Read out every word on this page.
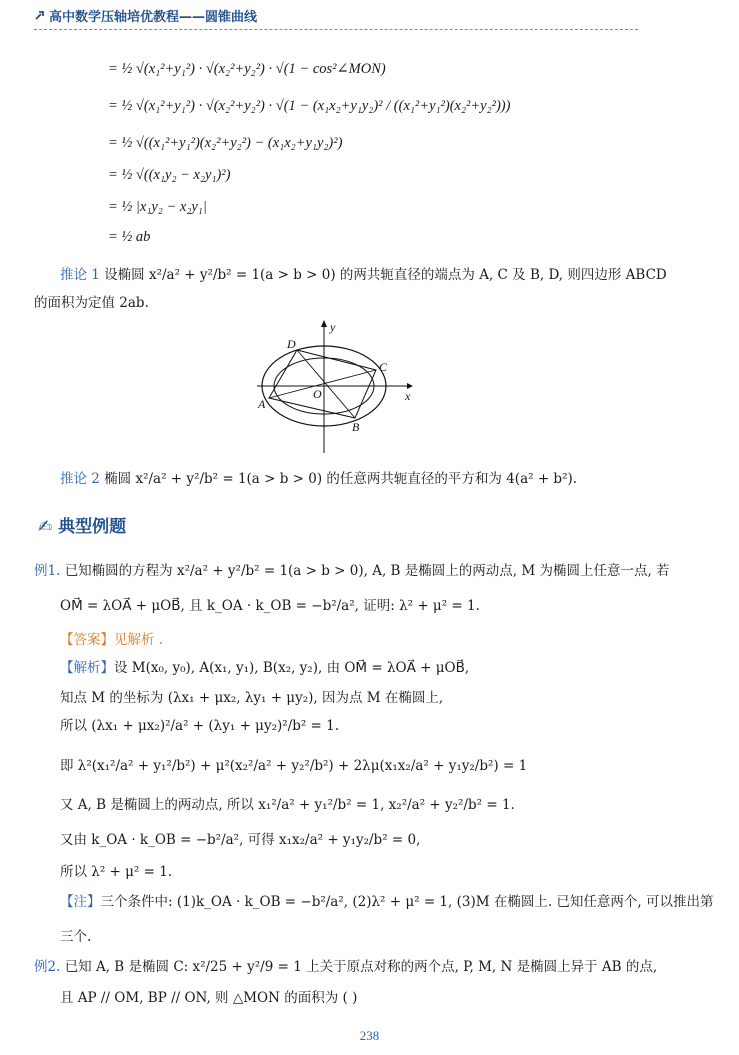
高中数学压轴培优教程——圆锥曲线
= ½ √(x₁²+y₁²) · √(x₂²+y₂²) · √(1 − cos²∠MON)
= ½ √(x₁²+y₁²) · √(x₂²+y₂²) · √(1 − (x₁x₂+y₁y₂)² / ((x₁²+y₁²)(x₂²+y₂²)))
= ½ √((x₁²+y₁²)(x₂²+y₂²) − (x₁x₂+y₁y₂)²)
= ½ √((x₁y₂ − x₂y₁)²)
= ½ |x₁y₂ − x₂y₁|
= ½ ab
推论 1 设椭圆 x²/a² + y²/b² = 1(a > b > 0) 的两共轭直径的端点为 A, C 及 B, D, 则四边形 ABCD
的面积为定值 2ab.
y
x
O
A
B
C
D
推论 2 椭圆 x²/a² + y²/b² = 1(a > b > 0) 的任意两共轭直径的平方和为 4(a² + b²).
✍ 典型例题
例1. 已知椭圆的方程为 x²/a² + y²/b² = 1(a > b > 0), A, B 是椭圆上的两动点, M 为椭圆上任意一点, 若
OM⃗ = λOA⃗ + μOB⃗, 且 k_OA · k_OB = −b²/a², 证明: λ² + μ² = 1.
【答案】见解析 .
【解析】设 M(x₀, y₀), A(x₁, y₁), B(x₂, y₂), 由 OM⃗ = λOA⃗ + μOB⃗,
知点 M 的坐标为 (λx₁ + μx₂, λy₁ + μy₂), 因为点 M 在椭圆上,
所以 (λx₁ + μx₂)²/a² + (λy₁ + μy₂)²/b² = 1.
即 λ²(x₁²/a² + y₁²/b²) + μ²(x₂²/a² + y₂²/b²) + 2λμ(x₁x₂/a² + y₁y₂/b²) = 1
又 A, B 是椭圆上的两动点, 所以 x₁²/a² + y₁²/b² = 1, x₂²/a² + y₂²/b² = 1.
又由 k_OA · k_OB = −b²/a², 可得 x₁x₂/a² + y₁y₂/b² = 0,
所以 λ² + μ² = 1.
【注】三个条件中: (1)k_OA · k_OB = −b²/a², (2)λ² + μ² = 1, (3)M 在椭圆上. 已知任意两个, 可以推出第
三个.
例2. 已知 A, B 是椭圆 C: x²/25 + y²/9 = 1 上关于原点对称的两个点, P, M, N 是椭圆上异于 AB 的点,
且 AP // OM, BP // ON, 则 △MON 的面积为 ( )
238
